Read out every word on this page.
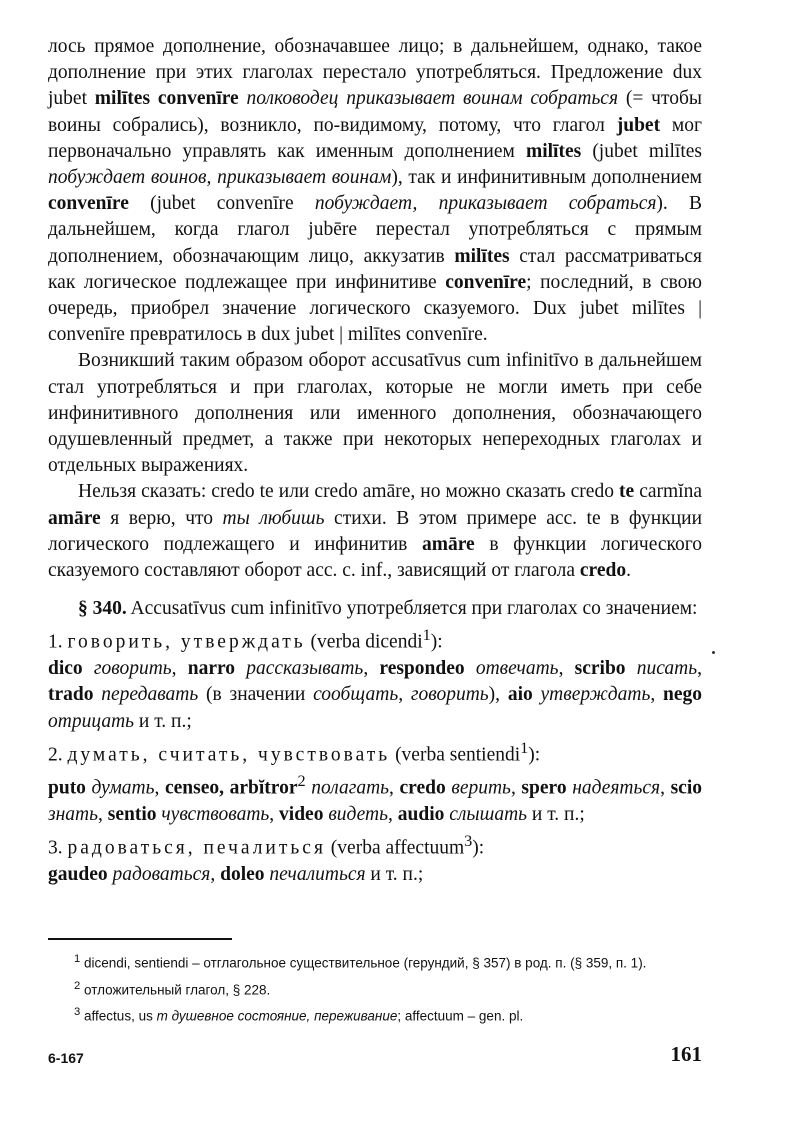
лось прямое дополнение, обозначавшее лицо; в дальнейшем, однако, такое дополнение при этих глаголах перестало употребляться. Предложение dux jubet milītes convenīre полководец приказывает воинам собраться (= чтобы воины собрались), возникло, по-видимому, потому, что глагол jubet мог первоначально управлять как именным дополнением milītes (jubet milītes побуждает воинов, приказывает воинам), так и инфинитивным дополнением convenīre (jubet convenīre побуждает, приказывает собраться). В дальнейшем, когда глагол jubēre перестал употребляться с прямым дополнением, обозначающим лицо, аккузатив milītes стал рассматриваться как логическое подлежащее при инфинитиве convenīre; последний, в свою очередь, приобрел значение логического сказуемого. Dux jubet milītes | convenīre превратилось в dux jubet | milītes convenīre.

Возникший таким образом оборот accusatīvus cum infinitīvo в дальнейшем стал употребляться и при глаголах, которые не могли иметь при себе инфинитивного дополнения или именного дополнения, обозначающего одушевленный предмет, а также при некоторых непереходных глаголах и отдельных выражениях.

Нельзя сказать: credo te или credo amāre, но можно сказать credo te carmĭna amāre я верю, что ты любишь стихи. В этом примере acc. te в функции логического подлежащего и инфинитив amāre в функции логического сказуемого составляют оборот acc. c. inf., зависящий от глагола credo.

§ 340. Accusatīvus cum infinitīvo употребляется при глаголах со значением:

1. говорить, утверждать (verba dicendi$^1$):

dico говорить, narro рассказывать, respondeo отвечать, scribo писать, trado передавать (в значении сообщать, говорить), aio утверждать, nego отрицать и т. п.;

2. думать, считать, чувствовать (verba sentiendi$^1$):

puto думать, censeo, arbĭtror$^2$ полагать, credo верить, spero надеяться, scio знать, sentio чувствовать, video видеть, audio слышать и т. п.;

3. радоваться, печалиться (verba affectuum$^3$):

gaudeo радоваться, doleo печалиться и т. п.;

$^1$ dicendi, sentiendi – отглагольное существительное (герундий, § 357) в род. п. (§ 359, п. 1).

$^2$ отложительный глагол, § 228.

$^3$ affectus, us m душевное состояние, переживание; affectuum – gen. pl.

6-167	161
